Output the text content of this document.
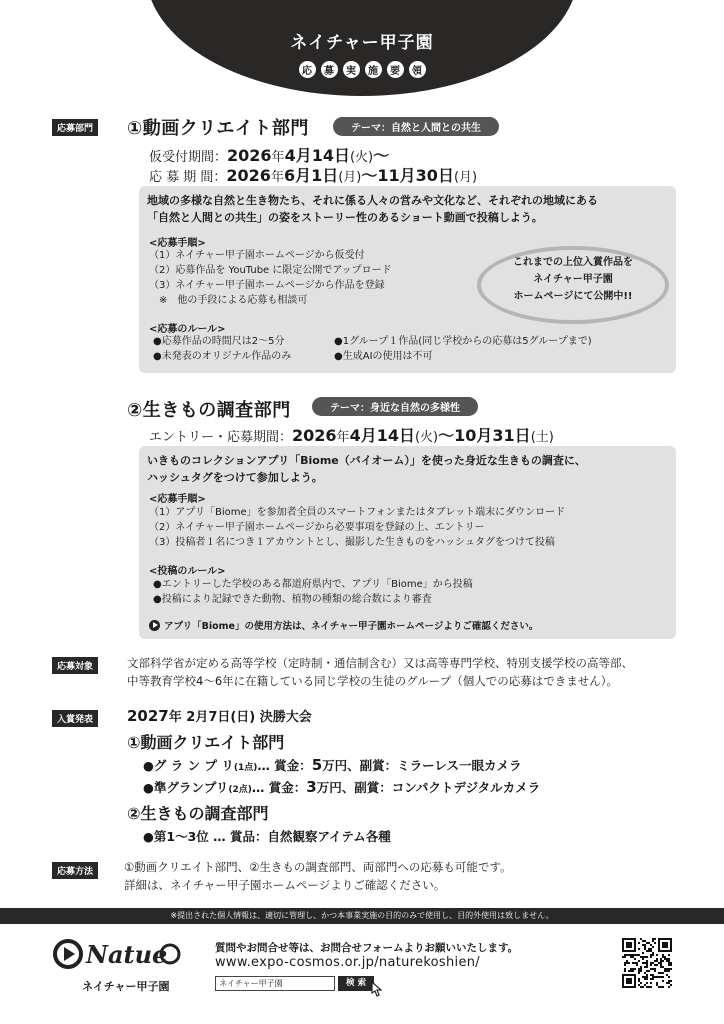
ネイチャー甲子園
応	募	実	施	要	領
応募部門 ①動画クリエイト部門	テーマ：自然と人間との共生
仮受付期間：2026年4月14日(火)〜
応 募 期 間：2026年6月1日(月)〜11月30日(月)
地域の多様な自然と生き物たち、それに係る人々の営みや文化など、それぞれの地域にある
「自然と人間との共生」の姿をストーリー性のあるショート動画で投稿しよう。
<応募手順>
（1）ネイチャー甲子園ホームページから仮受付
（2）応募作品を YouTube に限定公開でアップロード
（3）ネイチャー甲子園ホームページから作品を登録
　※　他の手段による応募も相談可
これまでの上位入賞作品を
ネイチャー甲子園
ホームページにて公開中!!
<応募のルール>
●応募作品の時間尺は2〜5分
●未発表のオリジナル作品のみ
●1グループ１作品(同じ学校からの応募は5グループまで)
●生成AIの使用は不可
②生きもの調査部門	テーマ：身近な自然の多様性
エントリー・応募期間：2026年4月14日(火)〜10月31日(土)
いきものコレクションアプリ「Biome（バイオーム）」を使った身近な生きもの調査に、
ハッシュタグをつけて参加しよう。
<応募手順>
（1）アプリ「Biome」を参加者全員のスマートフォンまたはタブレット端末にダウンロード
（2）ネイチャー甲子園ホームページから必要事項を登録の上、エントリー
（3）投稿者１名につき１アカウントとし、撮影した生きものをハッシュタグをつけて投稿
<投稿のルール>
●エントリーした学校のある都道府県内で、アプリ「Biome」から投稿
●投稿により記録できた動物、植物の種類の総合数により審査
アプリ「Biome」の使用方法は、ネイチャー甲子園ホームページよりご確認ください。
応募対象	文部科学省が定める高等学校（定時制・通信制含む）又は高等専門学校、特別支援学校の高等部、
中等教育学校4〜6年に在籍している同じ学校の生徒のグループ（個人での応募はできません）。
入賞発表	2027年 2月7日(日) 決勝大会
①動画クリエイト部門
●グ ラ ン プ リ(1点)… 賞金：5万円、副賞：ミラーレス一眼カメラ
●準グランプリ(2点)… 賞金：3万円、副賞：コンパクトデジタルカメラ
②生きもの調査部門
●第1〜3位 … 賞品：自然観察アイテム各種
応募方法	①動画クリエイト部門、②生きもの調査部門、両部門への応募も可能です。
詳細は、ネイチャー甲子園ホームページよりご確認ください。
※提出された個人情報は、適切に管理し、かつ本事業実施の目的のみで使用し、目的外使用は致しません。
Natue
ネイチャー甲子園
質問やお問合せ等は、お問合せフォームよりお願いいたします。
www.expo-cosmos.or.jp/naturekoshien/
ネイチャー甲子園	検 索
